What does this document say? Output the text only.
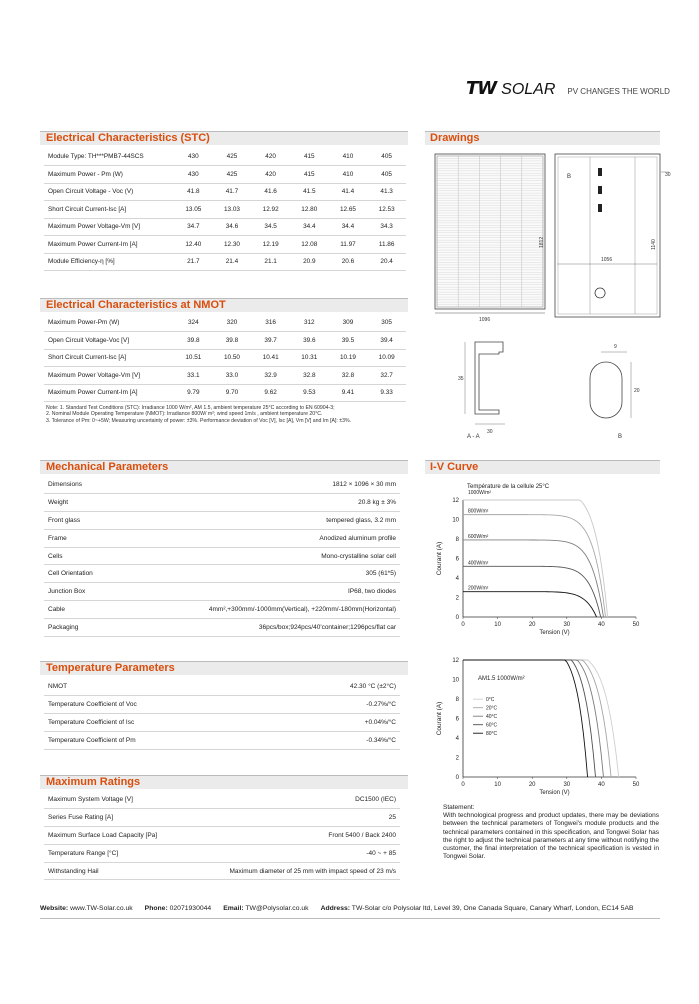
TW SOLAR PV CHANGES THE WORLD
Electrical Characteristics (STC)
Module Type: TH***PMB7-44SCS	430	425	420	415	410	405
Maximum Power - Pm (W)	430	425	420	415	410	405
Open Circuit Voltage - Voc (V)	41.8	41.7	41.6	41.5	41.4	41.3
Short Circuit Current-Isc [A]	13.05	13.03	12.92	12.80	12.65	12.53
Maximum Power Voltage-Vm [V]	34.7	34.6	34.5	34.4	34.4	34.3
Maximum Power Current-Im [A]	12.40	12.30	12.19	12.08	11.97	11.86
Module Efficiency-η [%]	21.7	21.4	21.1	20.9	20.6	20.4
Electrical Characteristics at NMOT
Maximum Power-Pm (W)	324	320	316	312	309	305
Open Circuit Voltage-Voc [V]	39.8	39.8	39.7	39.6	39.5	39.4
Short Circuit Current-Isc [A]	10.51	10.50	10.41	10.31	10.19	10.09
Maximum Power Voltage-Vm [V]	33.1	33.0	32.9	32.8	32.8	32.7
Maximum Power Current-Im [A]	9.79	9.70	9.62	9.53	9.41	9.33
Note: 1. Standard Test Conditions (STC): Irradiance 1000 W/m², AM 1.5, ambient temperature 25°C according to EN 60904-3;
2. Nominal Module Operating Temperature (NMOT): Irradiance 800W/ m²; wind speed 1m/s , ambient temperature 20°C.
3. Tolerance of Pm: 0~+5W; Measuring uncertainty of power: ±3%. Performance deviation of Voc [V], Isc [A], Vm [V] and Im [A]: ±3%.
Mechanical Parameters
Dimensions	1812 × 1096 × 30 mm
Weight	20.8 kg ± 3%
Front glass	tempered glass, 3.2 mm
Frame	Anodized aluminum profile
Cells	Mono-crystalline solar cell
Cell Orientation	305 (61*5)
Junction Box	IP68, two diodes
Cable	4mm²,+300mm/-1000mm(Vertical), +220mm/-180mm(Horizontal)
Packaging	36pcs/box;924pcs/40'container;1296pcs/flat car
Temperature Parameters
NMOT	42.30 °C (±2°C)
Temperature Coefficient of Voc	-0.27%/°C
Temperature Coefficient of Isc	+0.04%/°C
Temperature Coefficient of Pm	-0.34%/°C
Maximum Ratings
Maximum System Voltage [V]	DC1500 (IEC)
Series Fuse Rating [A]	25
Maximum Surface Load Capacity [Pa]	Front 5400 / Back 2400
Temperature Range [°C]	-40 ~ + 85
Withstanding Hail	Maximum diameter of 25 mm with impact speed of 23 m/s
Drawings
1096
B
1056
1812	1140
30
35
30
A - A
9
20
B
I-V Curve
0
2
4
6
8
10
12
0	10	20	30	40	50
Tension (V)
Courant (A)
Température de la cellule 25°C
1000W/m²
800W/m²
600W/m²
400W/m²
200W/m²
0
2
4
6
8
10
12
0	10	20	30	40	50
Tension (V)
Courant (A)
AM1.5 1000W/m²
0°C
20°C
40°C
60°C
80°C
Statement:
With technological progress and product updates, there may be deviations between the technical parameters of Tongwei's module products and the technical parameters contained in this specification, and Tongwei Solar has the right to adjust the technical parameters at any time without notifying the customer, the final interpretation of the technical specification is vested in Tongwei Solar.
Website: www.TW-Solar.co.uk Phone: 02071930044 Email: TW@Polysolar.co.uk Address: TW-Solar c/o Polysolar ltd, Level 39, One Canada Square, Canary Wharf, London, EC14 5AB
